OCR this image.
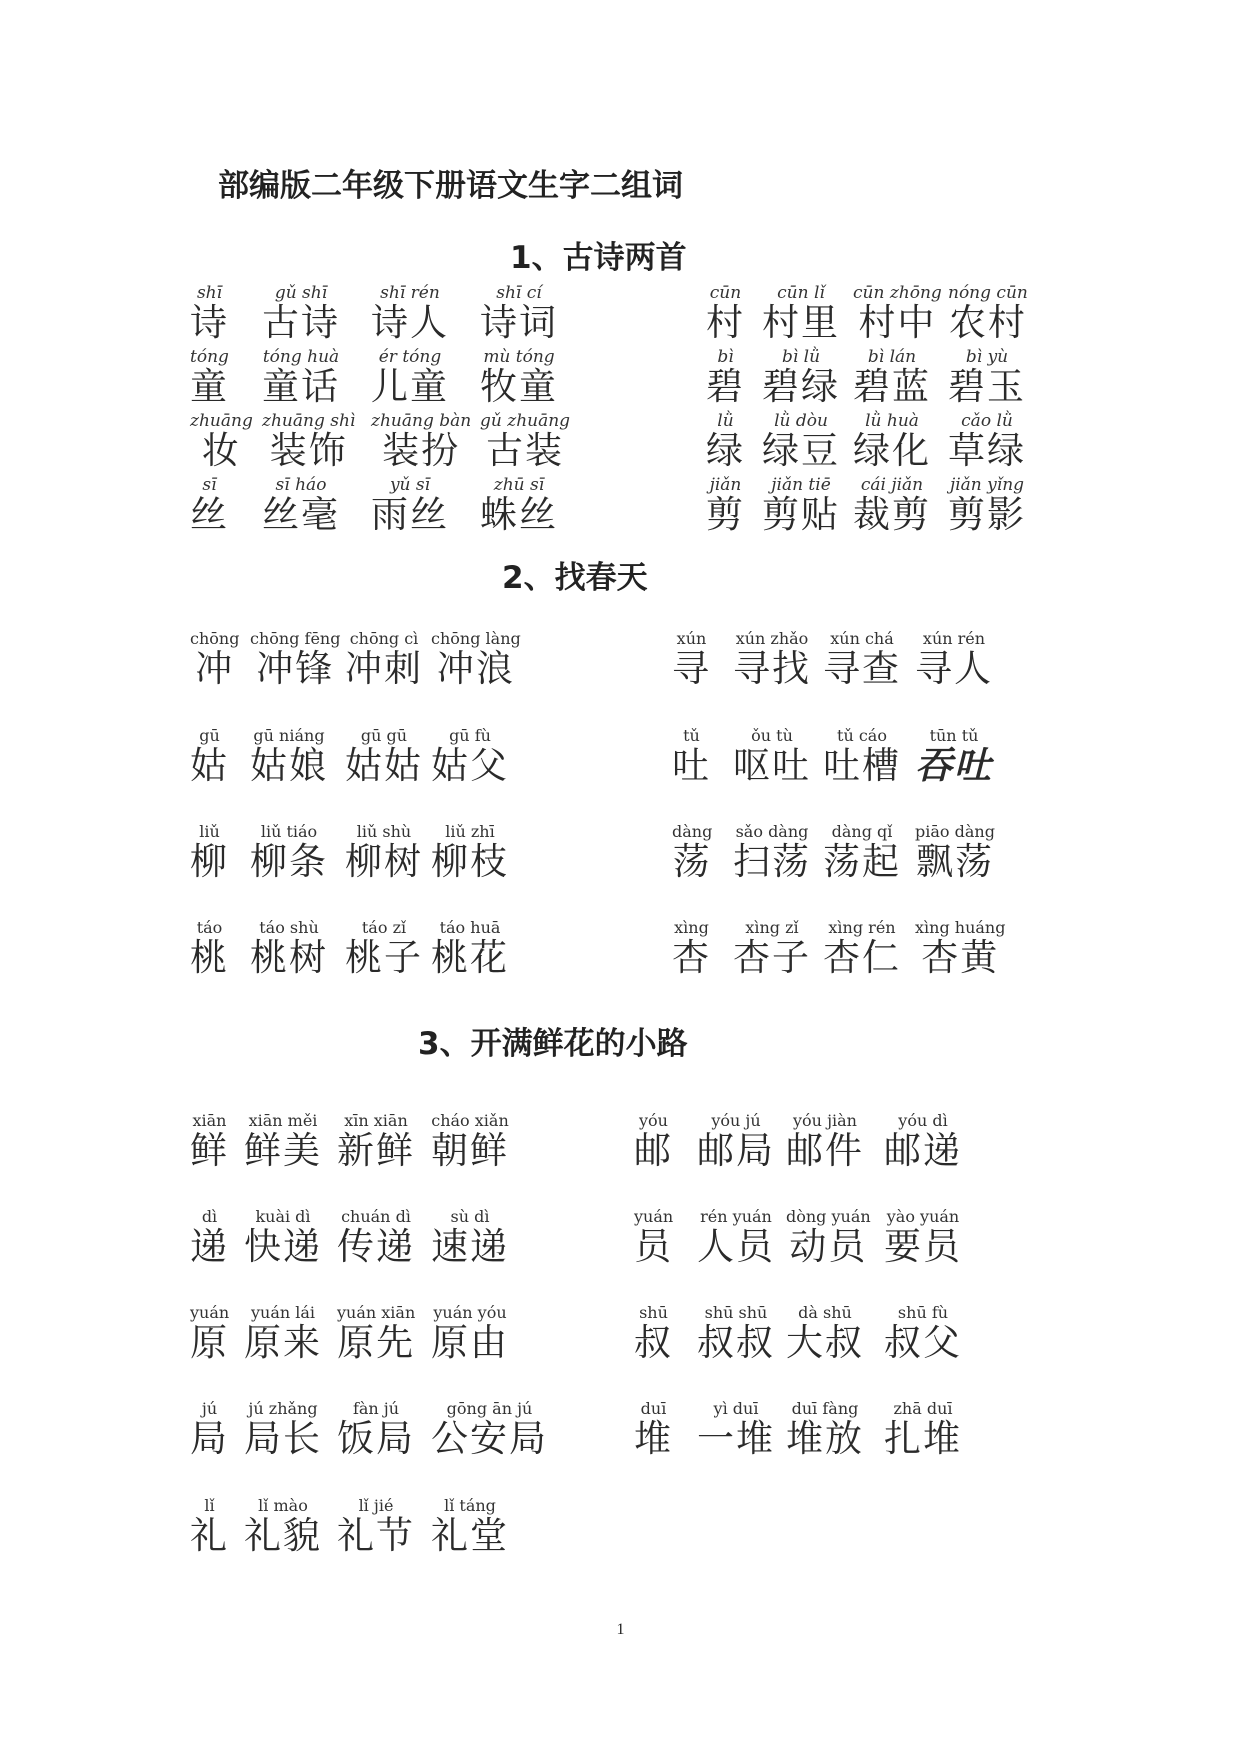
部编版二年级下册语文生字二组词
1
1、古诗两首
shī
诗
gǔ shī
古诗
shī rén
诗人
shī cí
诗词
cūn
村
cūn lǐ
村里
cūn zhōng
村中
nóng cūn
农村
tóng
童
tóng huà
童话
ér tóng
儿童
mù tóng
牧童
bì
碧
bì lǜ
碧绿
bì lán
碧蓝
bì yù
碧玉
zhuāng
妆
zhuāng shì
装饰
zhuāng bàn
装扮
gǔ zhuāng
古装
lǜ
绿
lǜ dòu
绿豆
lǜ huà
绿化
cǎo lǜ
草绿
sī
丝
sī háo
丝毫
yǔ sī
雨丝
zhū sī
蛛丝
jiǎn
剪
jiǎn tiē
剪贴
cái jiǎn
裁剪
jiǎn yǐng
剪影
2、找春天
chōng
冲
chōng fēng
冲锋
chōng cì
冲刺
chōng làng
冲浪
xún
寻
xún zhǎo
寻找
xún chá
寻查
xún rén
寻人
gū
姑
gū niáng
姑娘
gū gū
姑姑
gū fù
姑父
tǔ
吐
ǒu tù
呕吐
tǔ cáo
吐槽
tūn tǔ
吞吐
liǔ
柳
liǔ tiáo
柳条
liǔ shù
柳树
liǔ zhī
柳枝
dàng
荡
sǎo dàng
扫荡
dàng qǐ
荡起
piāo dàng
飘荡
táo
桃
táo shù
桃树
táo zǐ
桃子
táo huā
桃花
xìng
杏
xìng zǐ
杏子
xìng rén
杏仁
xìng huáng
杏黄
3、开满鲜花的小路
xiān
鲜
xiān měi
鲜美
xīn xiān
新鲜
cháo xiǎn
朝鲜
yóu
邮
yóu jú
邮局
yóu jiàn
邮件
yóu dì
邮递
dì
递
kuài dì
快递
chuán dì
传递
sù dì
速递
yuán
员
rén yuán
人员
dòng yuán
动员
yào yuán
要员
yuán
原
yuán lái
原来
yuán xiān
原先
yuán yóu
原由
shū
叔
shū shū
叔叔
dà shū
大叔
shū fù
叔父
jú
局
jú zhǎng
局长
fàn jú
饭局
gōng ān jú
公安局
duī
堆
yì duī
一堆
duī fàng
堆放
zhā duī
扎堆
lǐ
礼
lǐ mào
礼貌
lǐ jié
礼节
lǐ táng
礼堂
